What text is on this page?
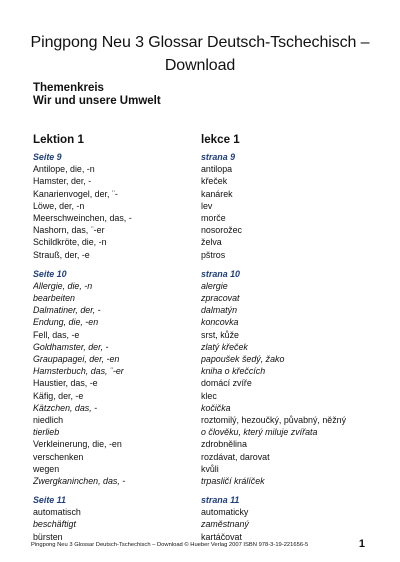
Pingpong Neu 3 Glossar Deutsch-Tschechisch – Download
Themenkreis
Wir und unsere Umwelt
Lektion 1	lekce 1
Seite 9	strana 9
Antilope, die, -n	antilopa
Hamster, der, -	křeček
Kanarienvogel, der, ¨-	kanárek
Löwe, der, -n	lev
Meerschweinchen, das, -	morče
Nashorn, das, ¨-er	nosorožec
Schildkröte, die, -n	želva
Strauß, der, -e	pštros
Seite 10	strana 10
Allergie, die, -n	alergie
bearbeiten	zpracovat
Dalmatiner, der, -	dalmatýn
Endung, die, -en	koncovka
Fell, das, -e	srst, kůže
Goldhamster, der, -	zlatý křeček
Graupapagei, der, -en	papoušek šedý, žako
Hamsterbuch, das, ¨-er	kniha o křečcích
Haustier, das, -e	domácí zvíře
Käfig, der, -e	klec
Kätzchen, das, -	kočička
niedlich	roztomilý, hezoučký, půvabný, něžný
tierlieb	o člověku, který miluje zvířata
Verkleinerung, die, -en	zdrobnělina
verschenken	rozdávat, darovat
wegen	kvůli
Zwergkaninchen, das, -	trpasličí králíček
Seite 11	strana 11
automatisch	automaticky
beschäftigt	zaměstnaný
bürsten	kartáčovat
Pingpong Neu 3 Glossar Deutsch-Tschechisch – Download © Hueber Verlag 2007 ISBN 978-3-19-221656-5	1
